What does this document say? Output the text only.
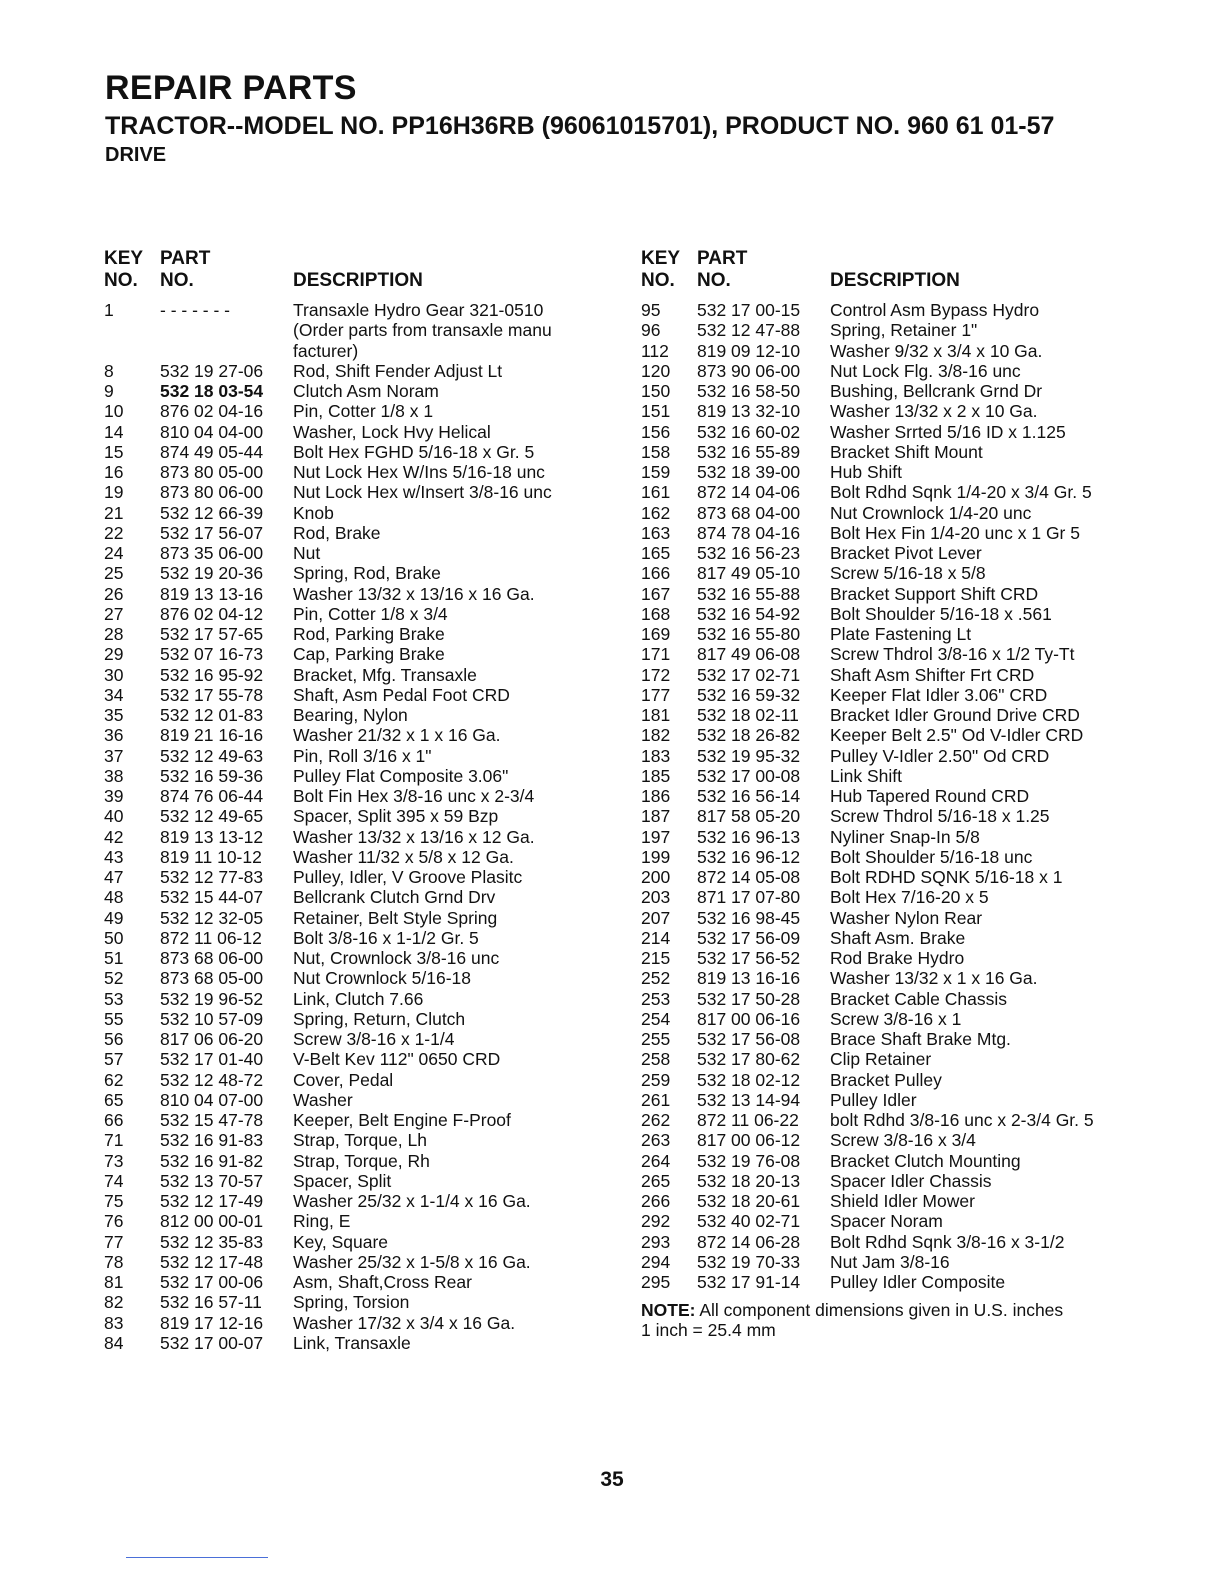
REPAIR PARTS
TRACTOR--MODEL NO. PP16H36RB (96061015701), PRODUCT NO. 960 61 01-57
DRIVE
KEY
NO.
PART
NO.	DESCRIPTION
1	- - - - - - -	Transaxle Hydro Gear 321-0510 (Order parts from transaxle manu facturer)
8	532 19 27-06 Rod, Shift Fender Adjust Lt
9	532 18 03-54 Clutch Asm Noram
10 876 02 04-16 Pin, Cotter 1/8 x 1
14 810 04 04-00 Washer, Lock Hvy Helical
15 874 49 05-44 Bolt Hex FGHD 5/16-18 x Gr. 5
16 873 80 05-00 Nut Lock Hex W/Ins 5/16-18 unc
19 873 80 06-00 Nut Lock Hex w/Insert 3/8-16 unc
21 532 12 66-39 Knob
22 532 17 56-07 Rod, Brake
24 873 35 06-00 Nut
25 532 19 20-36 Spring, Rod, Brake
26 819 13 13-16 Washer 13/32 x 13/16 x 16 Ga.
27 876 02 04-12 Pin, Cotter 1/8 x 3/4
28 532 17 57-65 Rod, Parking Brake
29 532 07 16-73 Cap, Parking Brake
30 532 16 95-92 Bracket, Mfg. Transaxle
34 532 17 55-78 Shaft, Asm Pedal Foot CRD
35 532 12 01-83 Bearing, Nylon
36 819 21 16-16 Washer 21/32 x 1 x 16 Ga.
37 532 12 49-63 Pin, Roll 3/16 x 1"
38 532 16 59-36 Pulley Flat Composite 3.06"
39 874 76 06-44 Bolt Fin Hex 3/8-16 unc x 2-3/4
40 532 12 49-65 Spacer, Split 395 x 59 Bzp
42 819 13 13-12 Washer 13/32 x 13/16 x 12 Ga.
43 819 11 10-12 Washer 11/32 x 5/8 x 12 Ga.
47 532 12 77-83 Pulley, Idler, V Groove Plasitc
48 532 15 44-07 Bellcrank Clutch Grnd Drv
49 532 12 32-05 Retainer, Belt Style Spring
50 872 11 06-12 Bolt 3/8-16 x 1-1/2 Gr. 5
51 873 68 06-00 Nut, Crownlock 3/8-16 unc
52 873 68 05-00 Nut Crownlock 5/16-18
53 532 19 96-52 Link, Clutch 7.66
55 532 10 57-09 Spring, Return, Clutch
56 817 06 06-20 Screw 3/8-16 x 1-1/4
57 532 17 01-40 V-Belt Kev 112" 0650 CRD
62 532 12 48-72 Cover, Pedal
65 810 04 07-00 Washer
66 532 15 47-78 Keeper, Belt Engine F-Proof
71 532 16 91-83 Strap, Torque, Lh
73 532 16 91-82 Strap, Torque, Rh
74 532 13 70-57 Spacer, Split
75 532 12 17-49 Washer 25/32 x 1-1/4 x 16 Ga.
76 812 00 00-01 Ring, E
77 532 12 35-83 Key, Square
78 532 12 17-48 Washer 25/32 x 1-5/8 x 16 Ga.
81 532 17 00-06 Asm, Shaft,Cross Rear
82 532 16 57-11 Spring, Torsion
83 819 17 12-16 Washer 17/32 x 3/4 x 16 Ga.
84 532 17 00-07 Link, Transaxle
KEY
NO.
PART
NO.	DESCRIPTION
95 532 17 00-15 Control Asm Bypass Hydro
96 532 12 47-88 Spring, Retainer 1"
112 819 09 12-10 Washer 9/32 x 3/4 x 10 Ga.
120 873 90 06-00 Nut Lock Flg. 3/8-16 unc
150 532 16 58-50 Bushing, Bellcrank Grnd Dr
151 819 13 32-10 Washer 13/32 x 2 x 10 Ga.
156 532 16 60-02 Washer Srrted 5/16 ID x 1.125
158 532 16 55-89 Bracket Shift Mount
159 532 18 39-00 Hub Shift
161 872 14 04-06 Bolt Rdhd Sqnk 1/4-20 x 3/4 Gr. 5
162 873 68 04-00 Nut Crownlock 1/4-20 unc
163 874 78 04-16 Bolt Hex Fin 1/4-20 unc x 1 Gr 5
165 532 16 56-23 Bracket Pivot Lever
166 817 49 05-10 Screw 5/16-18 x 5/8
167 532 16 55-88 Bracket Support Shift CRD
168 532 16 54-92 Bolt Shoulder 5/16-18 x .561
169 532 16 55-80 Plate Fastening Lt
171 817 49 06-08 Screw Thdrol 3/8-16 x 1/2 Ty-Tt
172 532 17 02-71 Shaft Asm Shifter Frt CRD
177 532 16 59-32 Keeper Flat Idler 3.06" CRD
181 532 18 02-11 Bracket Idler Ground Drive CRD
182 532 18 26-82 Keeper Belt 2.5" Od V-Idler CRD
183 532 19 95-32 Pulley V-Idler 2.50" Od CRD
185 532 17 00-08 Link Shift
186 532 16 56-14 Hub Tapered Round CRD
187 817 58 05-20 Screw Thdrol 5/16-18 x 1.25
197 532 16 96-13 Nyliner Snap-In 5/8
199 532 16 96-12 Bolt Shoulder 5/16-18 unc
200 872 14 05-08 Bolt RDHD SQNK 5/16-18 x 1
203 871 17 07-80 Bolt Hex 7/16-20 x 5
207 532 16 98-45 Washer Nylon Rear
214 532 17 56-09 Shaft Asm. Brake
215 532 17 56-52 Rod Brake Hydro
252 819 13 16-16 Washer 13/32 x 1 x 16 Ga.
253 532 17 50-28 Bracket Cable Chassis
254 817 00 06-16 Screw 3/8-16 x 1
255 532 17 56-08 Brace Shaft Brake Mtg.
258 532 17 80-62 Clip Retainer
259 532 18 02-12 Bracket Pulley
261 532 13 14-94 Pulley Idler
262 872 11 06-22 bolt Rdhd 3/8-16 unc x 2-3/4 Gr. 5
263 817 00 06-12 Screw 3/8-16 x 3/4
264 532 19 76-08 Bracket Clutch Mounting
265 532 18 20-13 Spacer Idler Chassis
266 532 18 20-61 Shield Idler Mower
292 532 40 02-71 Spacer Noram
293 872 14 06-28 Bolt Rdhd Sqnk 3/8-16 x 3-1/2
294 532 19 70-33 Nut Jam 3/8-16
295 532 17 91-14 Pulley Idler Composite
NOTE: All component dimensions given in U.S. inches
1 inch = 25.4 mm
35
